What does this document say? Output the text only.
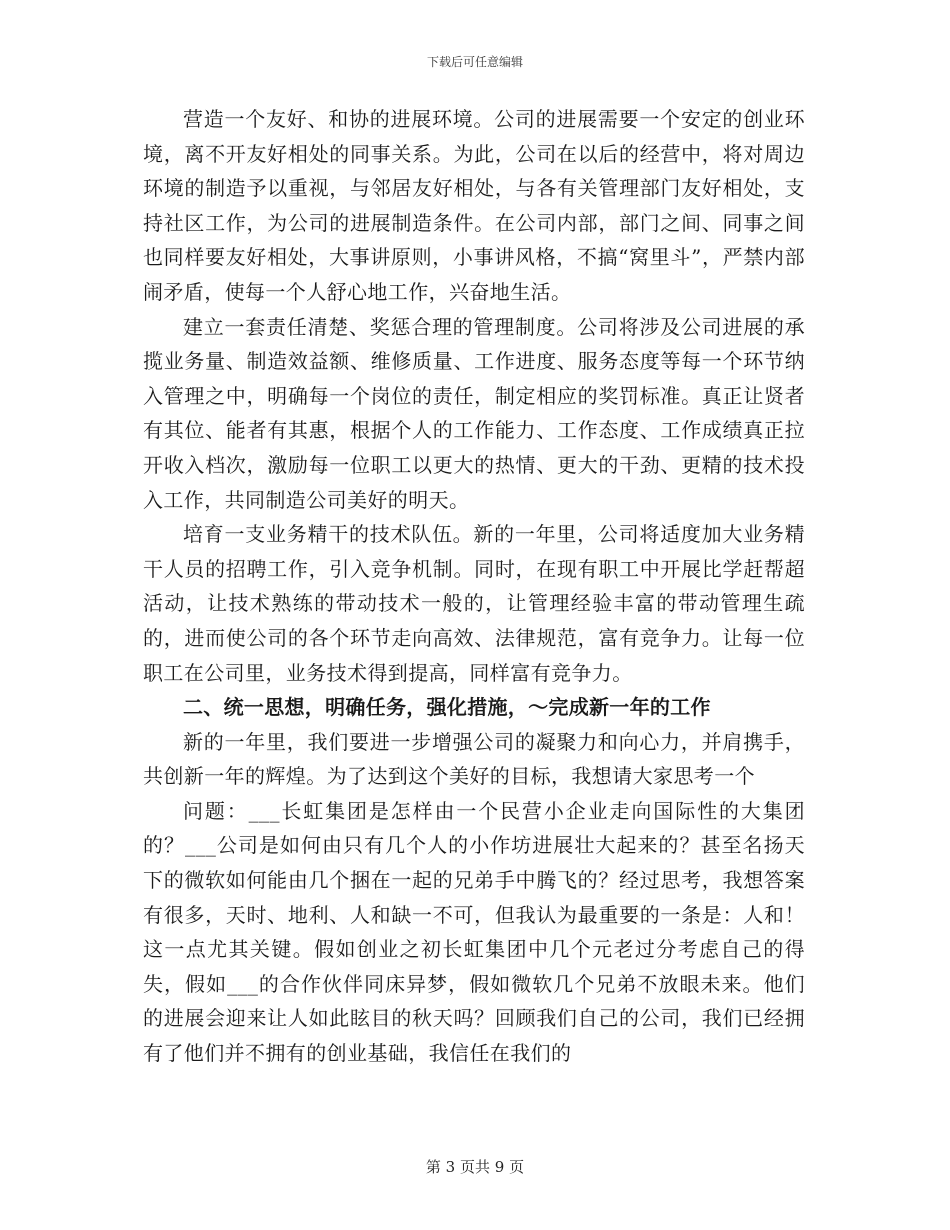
下载后可任意编辑

营造一个友好、和协的进展环境。公司的进展需要一个安定的创业环境，离不开友好相处的同事关系。为此，公司在以后的经营中，将对周边环境的制造予以重视，与邻居友好相处，与各有关管理部门友好相处，支持社区工作，为公司的进展制造条件。在公司内部，部门之间、同事之间也同样要友好相处，大事讲原则，小事讲风格，不搞“窝里斗”，严禁内部闹矛盾，使每一个人舒心地工作，兴奋地生活。

建立一套责任清楚、奖惩合理的管理制度。公司将涉及公司进展的承揽业务量、制造效益额、维修质量、工作进度、服务态度等每一个环节纳入管理之中，明确每一个岗位的责任，制定相应的奖罚标准。真正让贤者有其位、能者有其惠，根据个人的工作能力、工作态度、工作成绩真正拉开收入档次，激励每一位职工以更大的热情、更大的干劲、更精的技术投入工作，共同制造公司美好的明天。

培育一支业务精干的技术队伍。新的一年里，公司将适度加大业务精干人员的招聘工作，引入竞争机制。同时，在现有职工中开展比学赶帮超活动，让技术熟练的带动技术一般的，让管理经验丰富的带动管理生疏的，进而使公司的各个环节走向高效、法律规范，富有竞争力。让每一位职工在公司里，业务技术得到提高，同样富有竞争力。

二、统一思想，明确任务，强化措施，～完成新一年的工作

新的一年里，我们要进一步增强公司的凝聚力和向心力，并肩携手，共创新一年的辉煌。为了达到这个美好的目标，我想请大家思考一个

问题：___长虹集团是怎样由一个民营小企业走向国际性的大集团的？___公司是如何由只有几个人的小作坊进展壮大起来的？甚至名扬天下的微软如何能由几个捆在一起的兄弟手中腾飞的？经过思考，我想答案有很多，天时、地利、人和缺一不可，但我认为最重要的一条是：人和！这一点尤其关键。假如创业之初长虹集团中几个元老过分考虑自己的得失，假如___的合作伙伴同床异梦，假如微软几个兄弟不放眼未来。他们的进展会迎来让人如此眩目的秋天吗？回顾我们自己的公司，我们已经拥有了他们并不拥有的创业基础，我信任在我们的

第 3 页共 9 页
